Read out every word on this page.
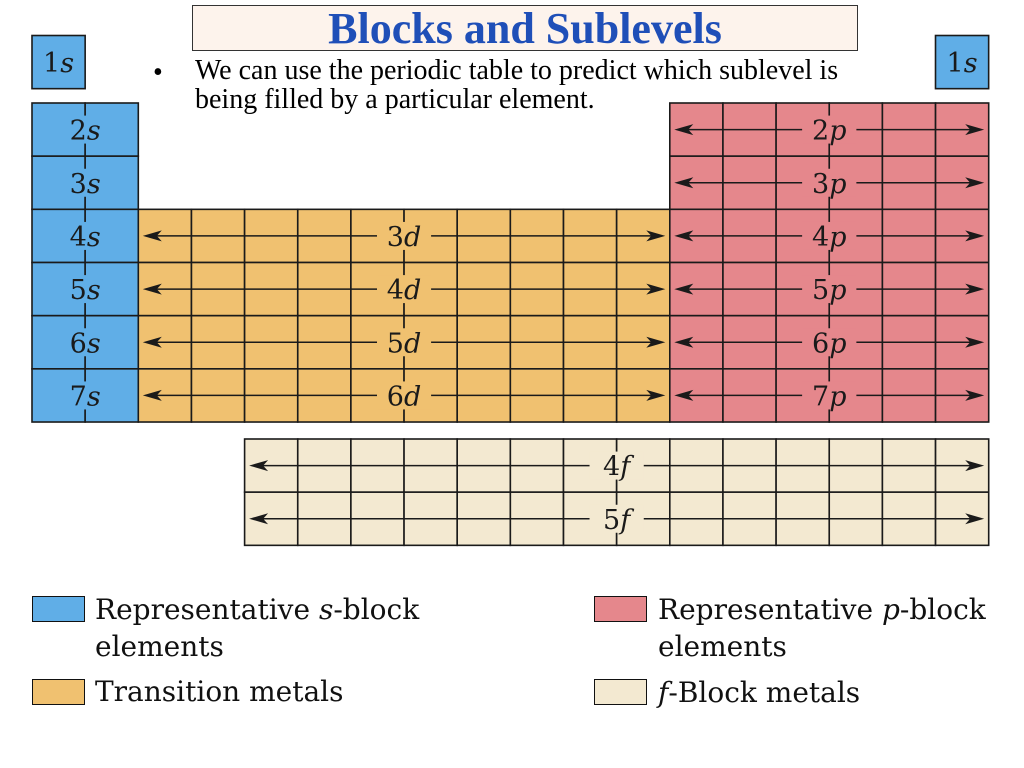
Blocks and Sublevels
• We can use the periodic table to predict which sublevel is being filled by a particular element.
1s	1s
2s
3s
4s
5s
6s
7s
3d
4d
5d
6d
2p
3p
4p
5p
6p
7p
4f
5f
Representative s-block
elements
Representative p-block
elements
Transition metals	f-Block metals
